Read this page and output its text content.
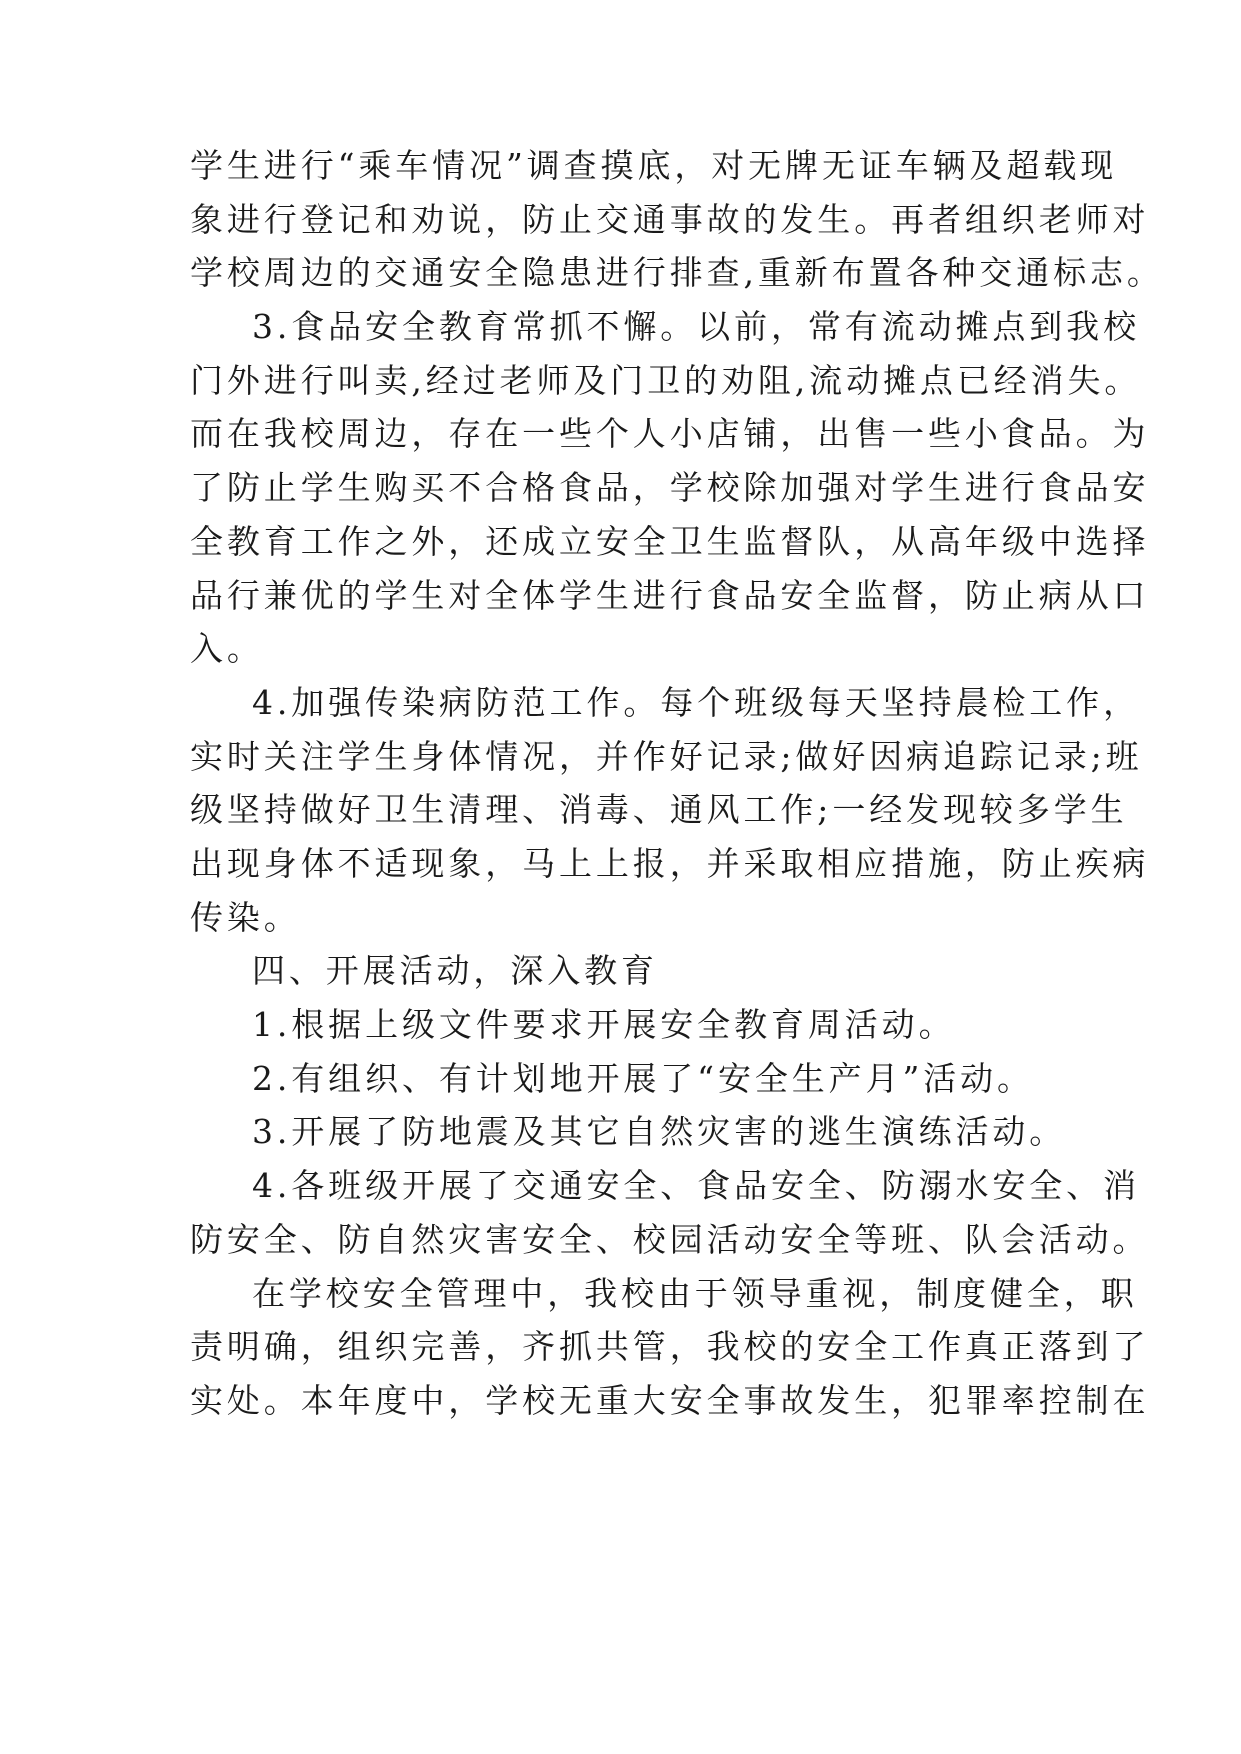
学生进行“乘车情况”调查摸底，对无牌无证车辆及超载现
象进行登记和劝说，防止交通事故的发生。再者组织老师对
学校周边的交通安全隐患进行排查,重新布置各种交通标志。
3.食品安全教育常抓不懈。以前，常有流动摊点到我校
门外进行叫卖,经过老师及门卫的劝阻,流动摊点已经消失。
而在我校周边，存在一些个人小店铺，出售一些小食品。为
了防止学生购买不合格食品，学校除加强对学生进行食品安
全教育工作之外，还成立安全卫生监督队，从高年级中选择
品行兼优的学生对全体学生进行食品安全监督，防止病从口
入。
4.加强传染病防范工作。每个班级每天坚持晨检工作，
实时关注学生身体情况，并作好记录;做好因病追踪记录;班
级坚持做好卫生清理、消毒、通风工作;一经发现较多学生
出现身体不适现象，马上上报，并采取相应措施，防止疾病
传染。
四、开展活动，深入教育
1.根据上级文件要求开展安全教育周活动。
2.有组织、有计划地开展了“安全生产月”活动。
3.开展了防地震及其它自然灾害的逃生演练活动。
4.各班级开展了交通安全、食品安全、防溺水安全、消
防安全、防自然灾害安全、校园活动安全等班、队会活动。
在学校安全管理中，我校由于领导重视，制度健全，职
责明确，组织完善，齐抓共管，我校的安全工作真正落到了
实处。本年度中，学校无重大安全事故发生，犯罪率控制在
